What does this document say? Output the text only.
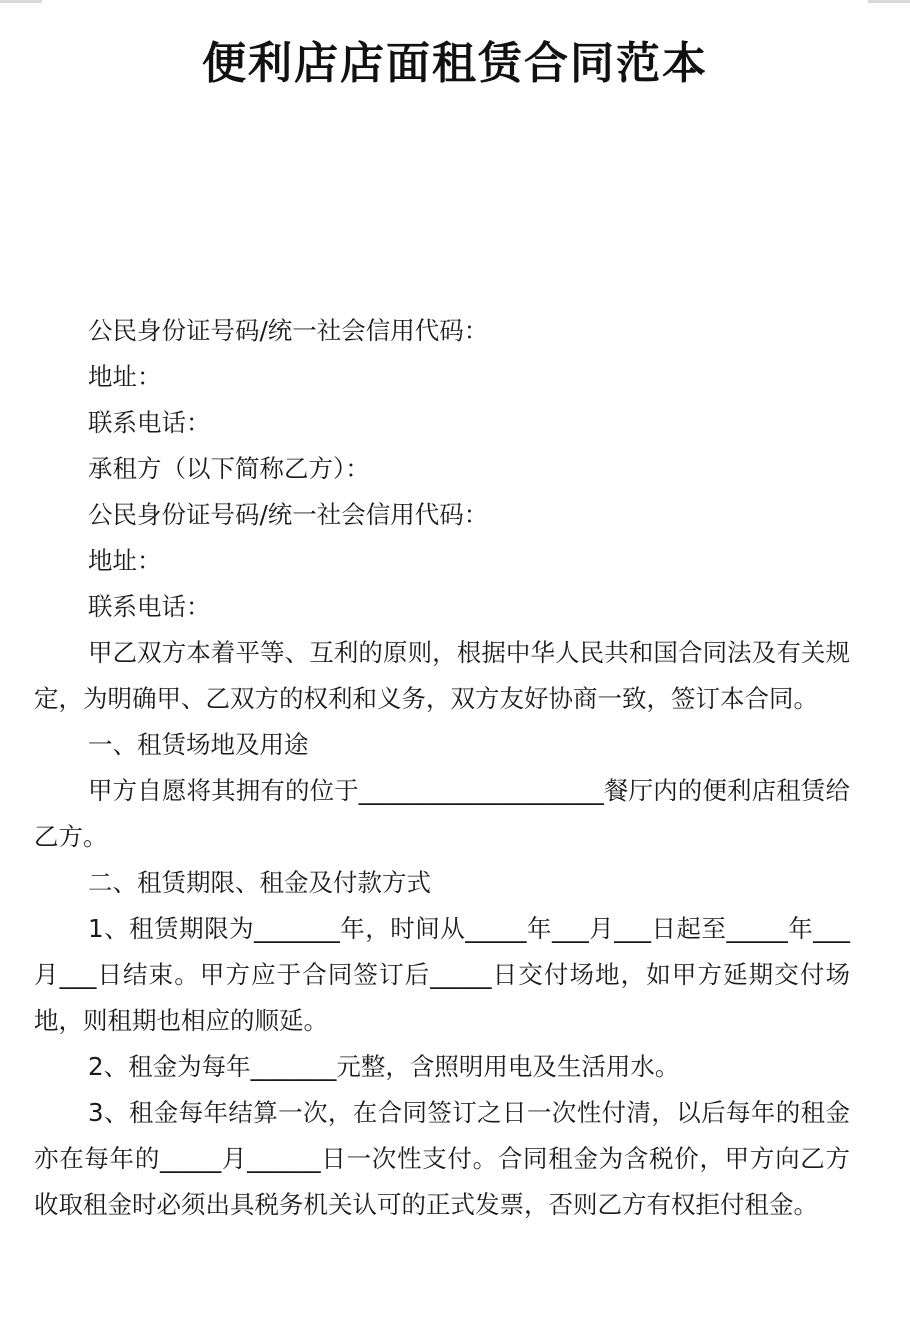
便利店店面租赁合同范本
公民身份证号码/统一社会信用代码：
地址：
联系电话：
承租方（以下简称乙方）：
公民身份证号码/统一社会信用代码：
地址：
联系电话：
甲乙双方本着平等、互利的原则，根据中华人民共和国合同法及有关规定，为明确甲、乙双方的权利和义务，双方友好协商一致，签订本合同。
一、租赁场地及用途
甲方自愿将其拥有的位于____________________餐厅内的便利店租赁给乙方。
二、租赁期限、租金及付款方式
1、租赁期限为_______年，时间从_____年___月___日起至_____年___月___日结束。甲方应于合同签订后_____日交付场地，如甲方延期交付场地，则租期也相应的顺延。
2、租金为每年_______元整，含照明用电及生活用水。
3、租金每年结算一次，在合同签订之日一次性付清，以后每年的租金亦在每年的_____月______日一次性支付。合同租金为含税价，甲方向乙方收取租金时必须出具税务机关认可的正式发票，否则乙方有权拒付租金。
